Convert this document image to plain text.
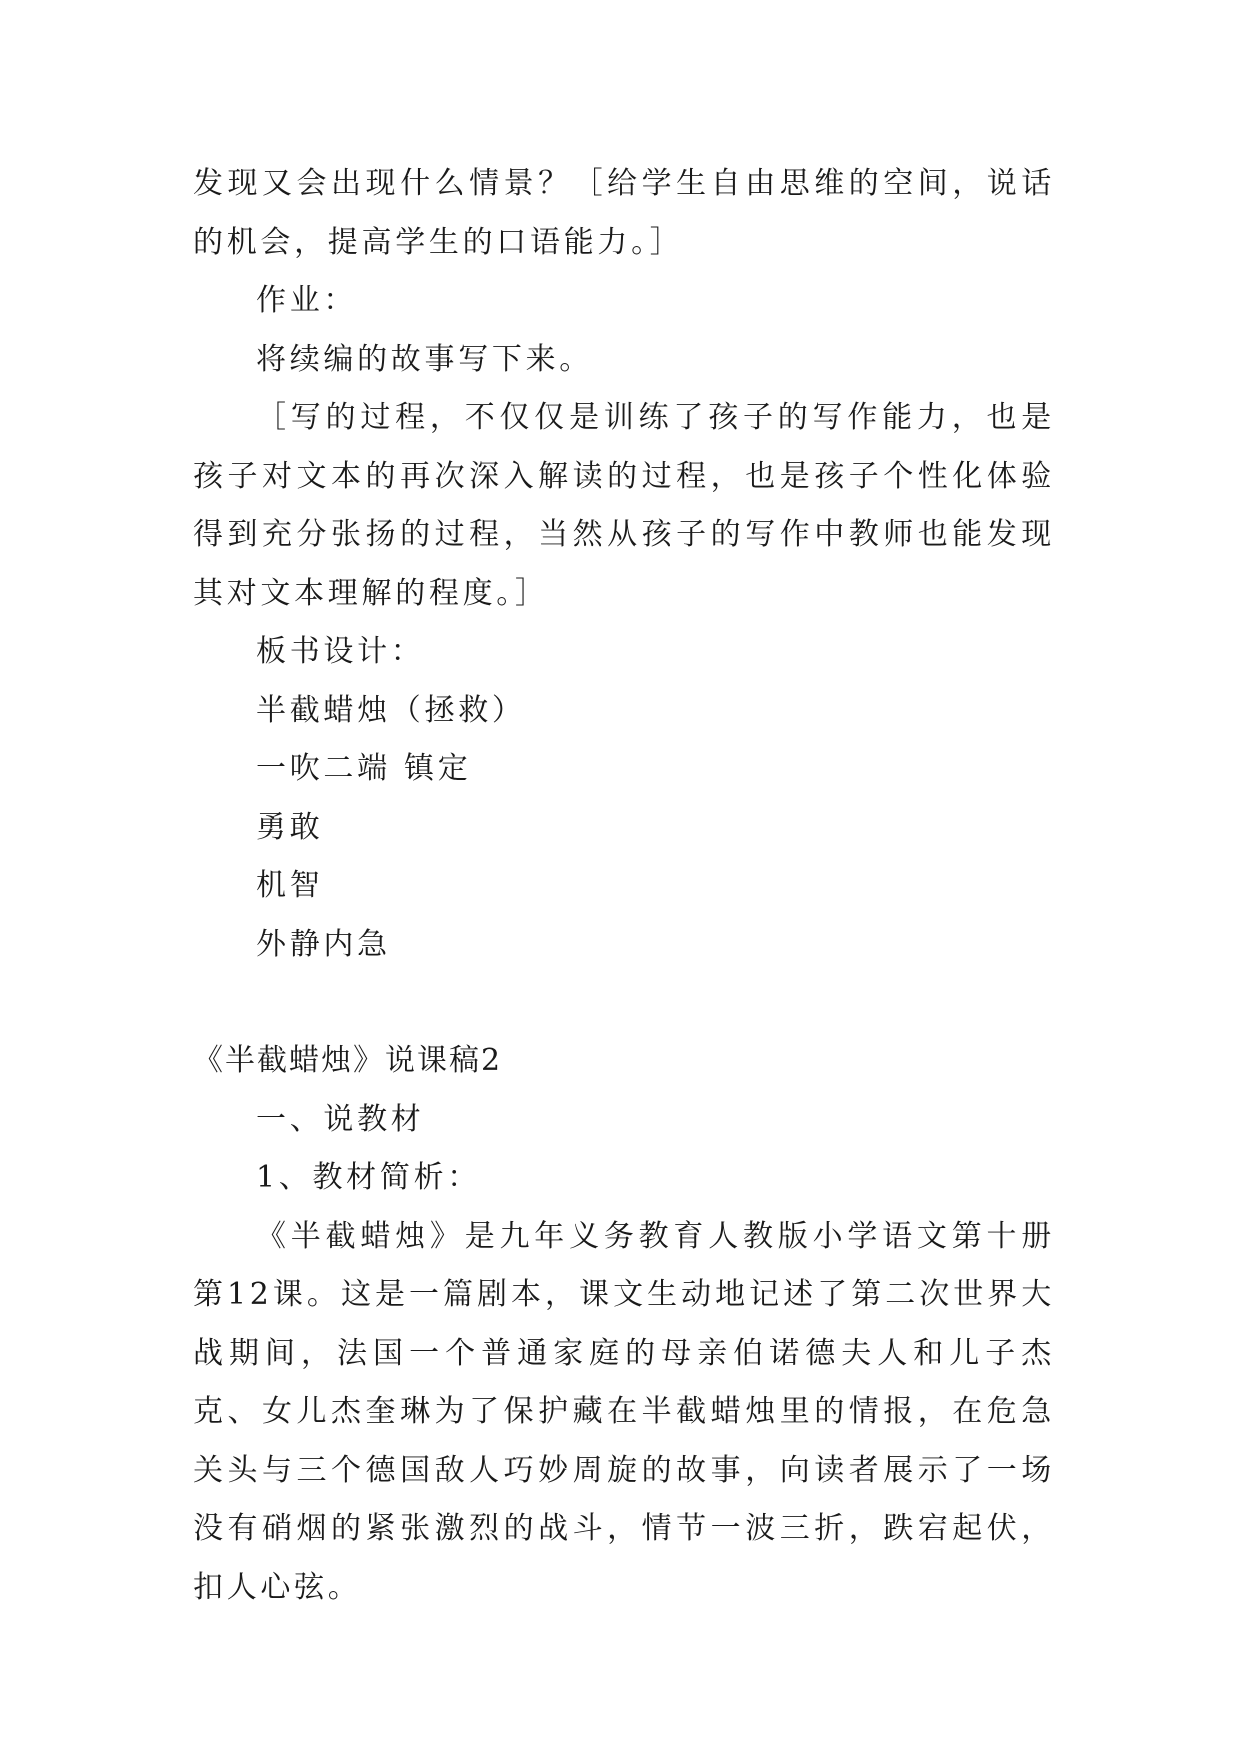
发现又会出现什么情景？［给学生自由思维的空间，说话的机会，提高学生的口语能力。］
作业：
将续编的故事写下来。
［写的过程，不仅仅是训练了孩子的写作能力，也是孩子对文本的再次深入解读的过程，也是孩子个性化体验得到充分张扬的过程，当然从孩子的写作中教师也能发现其对文本理解的程度。］
板书设计：
半截蜡烛（拯救）
一吹二端 镇定
勇敢
机智
外静内急
《半截蜡烛》说课稿2
一、说教材
1、教材简析：
《半截蜡烛》是九年义务教育人教版小学语文第十册第12课。这是一篇剧本，课文生动地记述了第二次世界大战期间，法国一个普通家庭的母亲伯诺德夫人和儿子杰克、女儿杰奎琳为了保护藏在半截蜡烛里的情报，在危急关头与三个德国敌人巧妙周旋的故事，向读者展示了一场没有硝烟的紧张激烈的战斗，情节一波三折，跌宕起伏，扣人心弦。
